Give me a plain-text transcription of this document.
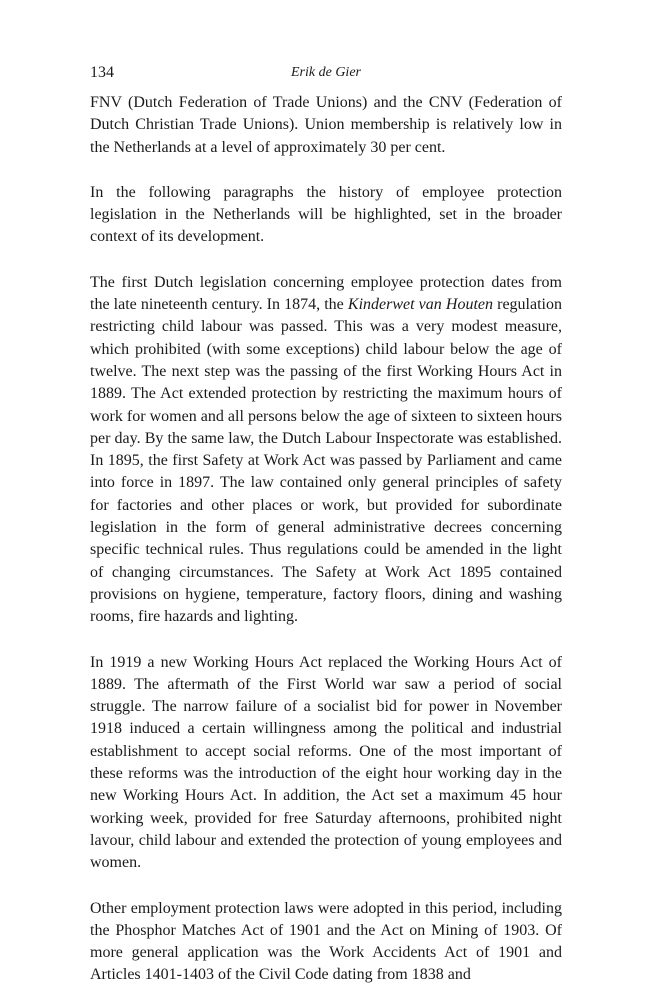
134	Erik de Gier

FNV (Dutch Federation of Trade Unions) and the CNV (Federation of Dutch Christian Trade Unions). Union membership is relatively low in the Netherlands at a level of approximately 30 per cent.

In the following paragraphs the history of employee protection legislation in the Netherlands will be highlighted, set in the broader context of its development.

The first Dutch legislation concerning employee protection dates from the late nineteenth century. In 1874, the Kinderwet van Houten regulation restricting child labour was passed. This was a very modest measure, which prohibited (with some exceptions) child labour below the age of twelve. The next step was the passing of the first Working Hours Act in 1889. The Act extended protection by restricting the maximum hours of work for women and all persons below the age of sixteen to sixteen hours per day. By the same law, the Dutch Labour Inspectorate was established. In 1895, the first Safety at Work Act was passed by Parliament and came into force in 1897. The law contained only general principles of safety for factories and other places or work, but provided for subordinate legislation in the form of general administrative decrees concerning specific technical rules. Thus regulations could be amended in the light of changing circumstances. The Safety at Work Act 1895 contained provisions on hygiene, temperature, factory floors, dining and washing rooms, fire hazards and lighting.

In 1919 a new Working Hours Act replaced the Working Hours Act of 1889. The aftermath of the First World war saw a period of social struggle. The narrow failure of a socialist bid for power in November 1918 induced a certain willingness among the political and industrial establishment to accept social reforms. One of the most important of these reforms was the introduction of the eight hour working day in the new Working Hours Act. In addition, the Act set a maximum 45 hour working week, provided for free Saturday afternoons, prohibited night lavour, child labour and extended the protection of young employees and women.

Other employment protection laws were adopted in this period, including the Phosphor Matches Act of 1901 and the Act on Mining of 1903. Of more general application was the Work Accidents Act of 1901 and Articles 1401-1403 of the Civil Code dating from 1838 and
